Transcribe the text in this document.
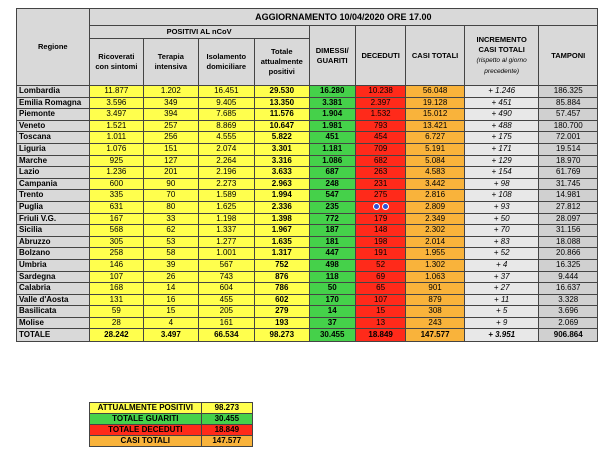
Regione	AGGIORNAMENTO 10/04/2020 ORE 17.00								
	POSITIVI AL nCoV				DIMESSI/ GUARITI	DECEDUTI	CASI TOTALI	INCREMENTO CASI TOTALI
(rispetto al giorno precedente)	TAMPONI
	Ricoverati con sintomi	Terapia intensiva	Isolamento domiciliare	Totale attualmente positivi					
Lombardia	11.877	1.202	16.451	29.530	16.280	10.238	56.048	+ 1.246	186.325
Emilia Romagna	3.596	349	9.405	13.350	3.381	2.397	19.128	+ 451	85.884
Piemonte	3.497	394	7.685	11.576	1.904	1.532	15.012	+ 490	57.457
Veneto	1.521	257	8.869	10.647	1.981	793	13.421	+ 488	180.700
Toscana	1.011	256	4.555	5.822	451	454	6.727	+ 175	72.001
Liguria	1.076	151	2.074	3.301	1.181	709	5.191	+ 171	19.514
Marche	925	127	2.264	3.316	1.086	682	5.084	+ 129	18.970
Lazio	1.236	201	2.196	3.633	687	263	4.583	+ 154	61.769
Campania	600	90	2.273	2.963	248	231	3.442	+ 98	31.745
Trento	335	70	1.589	1.994	547	275	2.816	+ 108	14.981
Puglia	631	80	1.625	2.336	235		2.809	+ 93	27.812
Friuli V.G.	167	33	1.198	1.398	772	179	2.349	+ 50	28.097
Sicilia	568	62	1.337	1.967	187	148	2.302	+ 70	31.156
Abruzzo	305	53	1.277	1.635	181	198	2.014	+ 83	18.088
Bolzano	258	58	1.001	1.317	447	191	1.955	+ 52	20.866
Umbria	146	39	567	752	498	52	1.302	+ 4	16.325
Sardegna	107	26	743	876	118	69	1.063	+ 37	9.444
Calabria	168	14	604	786	50	65	901	+ 27	16.637
Valle d'Aosta	131	16	455	602	170	107	879	+ 11	3.328
Basilicata	59	15	205	279	14	15	308	+ 5	3.696
Molise	28	4	161	193	37	13	243	+ 9	2.069
TOTALE	28.242	3.497	66.534	98.273	30.455	18.849	147.577	+ 3.951	906.864
ATTUALMENTE POSITIVI	98.273
TOTALE GUARITI	30.455
TOTALE DECEDUTI	18.849
CASI TOTALI	147.577
